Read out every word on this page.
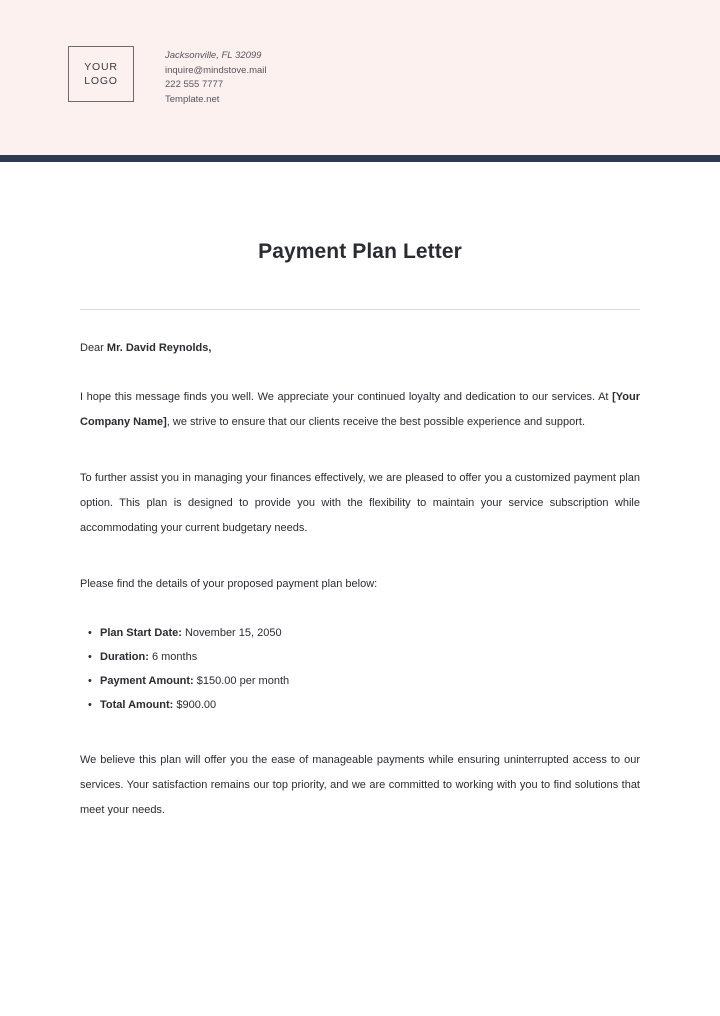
YOUR
LOGO
Jacksonville, FL 32099
inquire@mindstove.mail
222 555 7777
Template.net
Payment Plan Letter
Dear Mr. David Reynolds,

I hope this message finds you well. We appreciate your continued loyalty and dedication to our services. At [Your Company Name], we strive to ensure that our clients receive the best possible experience and support.

To further assist you in managing your finances effectively, we are pleased to offer you a customized payment plan option. This plan is designed to provide you with the flexibility to maintain your service subscription while accommodating your current budgetary needs.

Please find the details of your proposed payment plan below:

• Plan Start Date: November 15, 2050
• Duration: 6 months
• Payment Amount: $150.00 per month
• Total Amount: $900.00

We believe this plan will offer you the ease of manageable payments while ensuring uninterrupted access to our services. Your satisfaction remains our top priority, and we are committed to working with you to find solutions that meet your needs.
